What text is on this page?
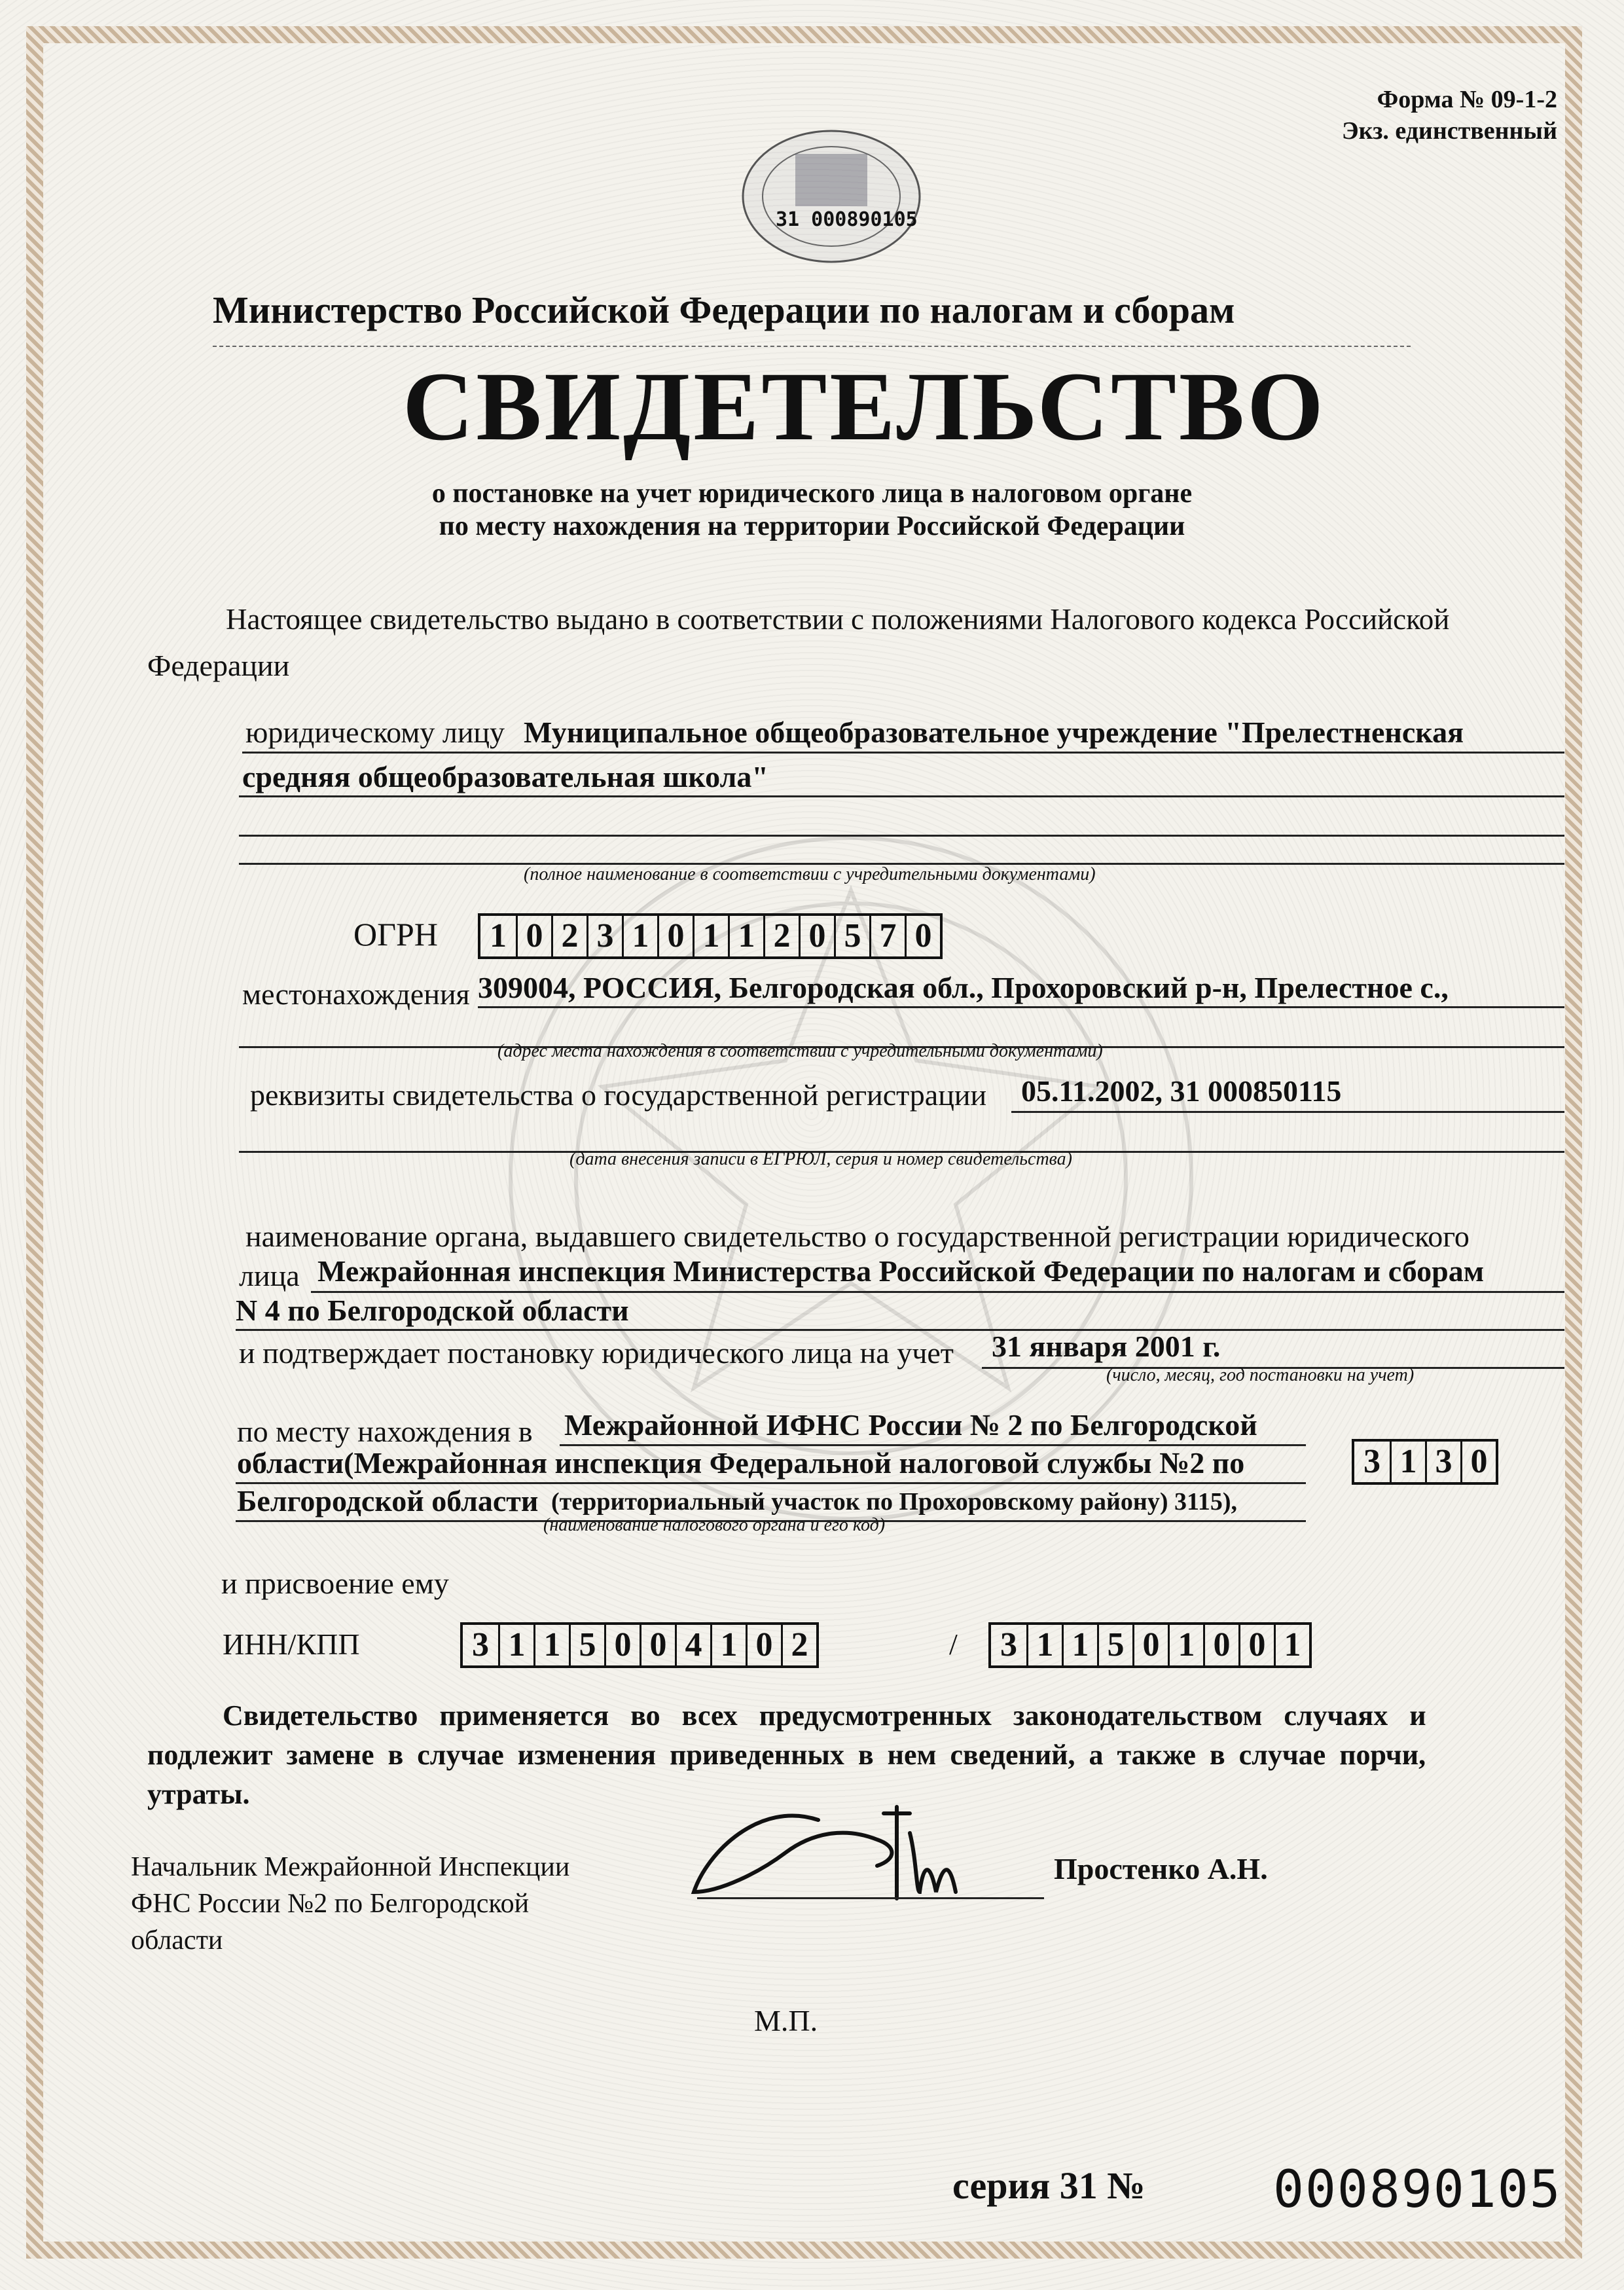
Форма № 09-1-2
Экз. единственный
31 000890105
Министерство Российской Федерации по налогам и сборам
СВИДЕТЕЛЬСТВО
о постановке на учет юридического лица в налоговом органе
по месту нахождения на территории Российской Федерации
Настоящее свидетельство выдано в соответствии с положениями Налогового кодекса Российской
Федерации
юридическому лицу Муниципальное общеобразовательное учреждение "Прелестненская
средняя общеобразовательная школа"
(полное наименование в соответствии с учредительными документами)
ОГРН 1 0 2 3 1 0 1 1 2 0 5 7 0
местонахождения 309004, РОССИЯ, Белгородская обл., Прохоровский р-н, Прелестное с.,
(адрес места нахождения в соответствии с учредительными документами)
реквизиты свидетельства о государственной регистрации 05.11.2002, 31 000850115
(дата внесения записи в ЕГРЮЛ, серия и номер свидетельства)
наименование органа, выдавшего свидетельство о государственной регистрации юридического
лица Межрайонная инспекция Министерства Российской Федерации по налогам и сборам
N 4 по Белгородской области
и подтверждает постановку юридического лица на учет 31 января 2001 г.
(число, месяц, год постановки на учет)
по месту нахождения в Межрайонной ИФНС России № 2 по Белгородской
области(Межрайонная инспекция Федеральной налоговой службы №2 по
Белгородской области (территориальный участок по Прохоровскому району) 3115),
(наименование налогового органа и его код)
3 1 3 0
и присвоение ему
ИНН/КПП	3 1 1 5 0 0 4 1 0 2	/ 3 1 1 5 0 1 0 0 1
Свидетельство применяется во всех предусмотренных законодательством случаях и
подлежит замене в случае изменения приведенных в нем сведений, а также в случае порчи,
утраты.
Начальник Межрайонной Инспекции
ФНС России №2 по Белгородской
области
Простенко А.Н.
М.П.
серия 31 №	000890105
